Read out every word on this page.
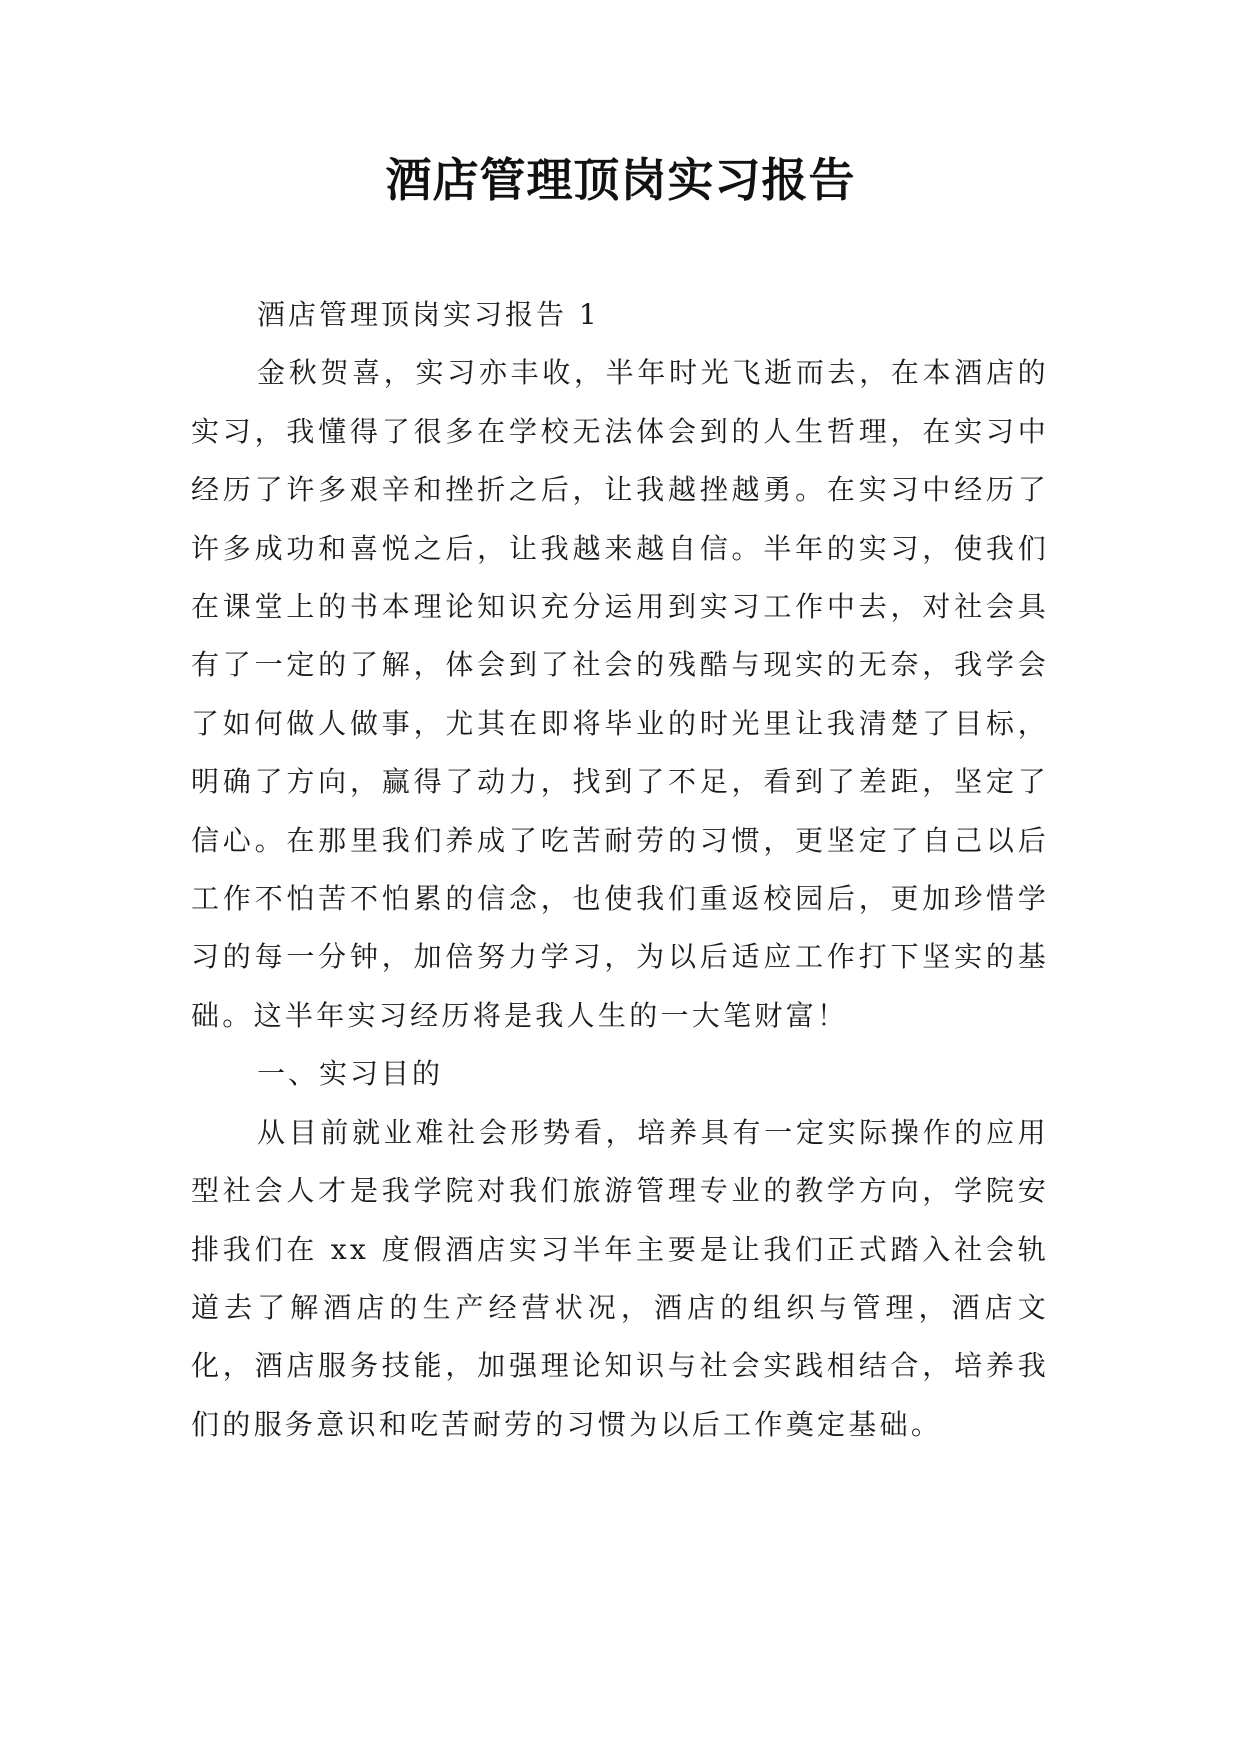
酒店管理顶岗实习报告

酒店管理顶岗实习报告 1

金秋贺喜，实习亦丰收，半年时光飞逝而去，在本酒店的实习，我懂得了很多在学校无法体会到的人生哲理，在实习中经历了许多艰辛和挫折之后，让我越挫越勇。在实习中经历了许多成功和喜悦之后，让我越来越自信。半年的实习，使我们在课堂上的书本理论知识充分运用到实习工作中去，对社会具有了一定的了解，体会到了社会的残酷与现实的无奈，我学会了如何做人做事，尤其在即将毕业的时光里让我清楚了目标，明确了方向，赢得了动力，找到了不足，看到了差距，坚定了信心。在那里我们养成了吃苦耐劳的习惯，更坚定了自己以后工作不怕苦不怕累的信念，也使我们重返校园后，更加珍惜学习的每一分钟，加倍努力学习，为以后适应工作打下坚实的基础。这半年实习经历将是我人生的一大笔财富！

一、实习目的

从目前就业难社会形势看，培养具有一定实际操作的应用型社会人才是我学院对我们旅游管理专业的教学方向，学院安排我们在 xx 度假酒店实习半年主要是让我们正式踏入社会轨道去了解酒店的生产经营状况，酒店的组织与管理，酒店文化，酒店服务技能，加强理论知识与社会实践相结合，培养我们的服务意识和吃苦耐劳的习惯为以后工作奠定基础。
